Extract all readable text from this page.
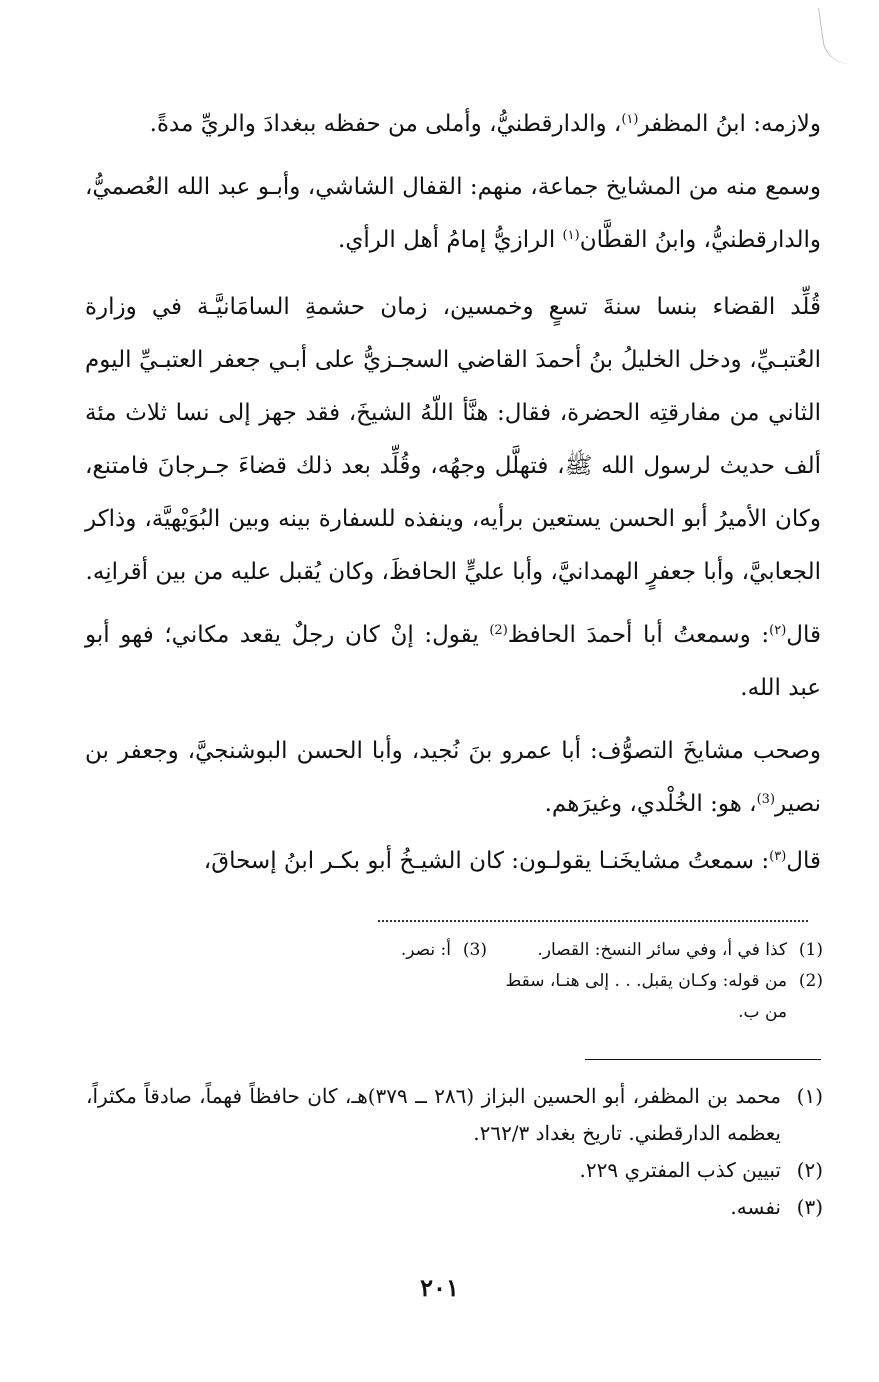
ولازمه: ابنُ المظفر$^{(١)}$، والدارقطنيُّ، وأملى من حفظه ببغدادَ والريِّ مدةً.

وسمع منه من المشايخ جماعة، منهم: القفال الشاشي، وأبـو عبد الله العُصميُّ، والدارقطنيُّ، وابنُ القطَّان$^{(١)}$ الرازيُّ إمامُ أهل الرأي.

قُلِّد القضاء بنسا سنةَ تسعٍ وخمسين، زمان حشمةِ السامَانيَّـة في وزارة العُتبـيِّ، ودخل الخليلُ بنُ أحمدَ القاضي السجـزيُّ على أبـي جعفر العتبـيِّ اليوم الثاني من مفارقتِه الحضرة، فقال: هنَّأ اللّهُ الشيخَ، فقد جهز إلى نسا ثلاث مئة ألف حديث لرسول الله ﷺ، فتهلَّل وجهُه، وقُلِّد بعد ذلك قضاءَ جـرجانَ فامتنع، وكان الأميرُ أبو الحسن يستعين برأيه، وينفذه للسفارة بينه وبين البُوَيْهيَّة، وذاكر الجعابيَّ، وأبا جعفرٍ الهمدانيَّ، وأبا عليٍّ الحافظَ، وكان يُقبل عليه من بين أقرانِه.

قال$^{(٢)}$: وسمعتُ أبا أحمدَ الحافظ$^{(2)}$ يقول: إنْ كان رجلٌ يقعد مكاني؛ فهو أبو عبد الله.

وصحب مشايخَ التصوُّف: أبا عمرو بنَ نُجيد، وأبا الحسن البوشنجيَّ، وجعفر بن نصير$^{(3)}$، هو: الخُلْدي، وغيرَهم.

قال$^{(٣)}$: سمعتُ مشايخَنـا يقولـون: كان الشيـخُ أبو بكـر ابنُ إسحاقَ،

(1)
كذا في أ، وفي سائر النسخ: القصار.
(3)
أ: نصر.
(2)
من قوله: وكـان يقبل. . . إلى هنـا، سقط
من ب.
(١)
محمد بن المظفر، أبو الحسين البزاز (٢٨٦ ــ ٣٧٩)هـ، كان حافظاً فهماً، صادقاً مكثراً، يعظمه الدارقطني. تاريخ بغداد ٢٦٢/٣.
(٢)
تبيين كذب المفتري ٢٢٩.
(٣)
نفسه.
٢٠١
